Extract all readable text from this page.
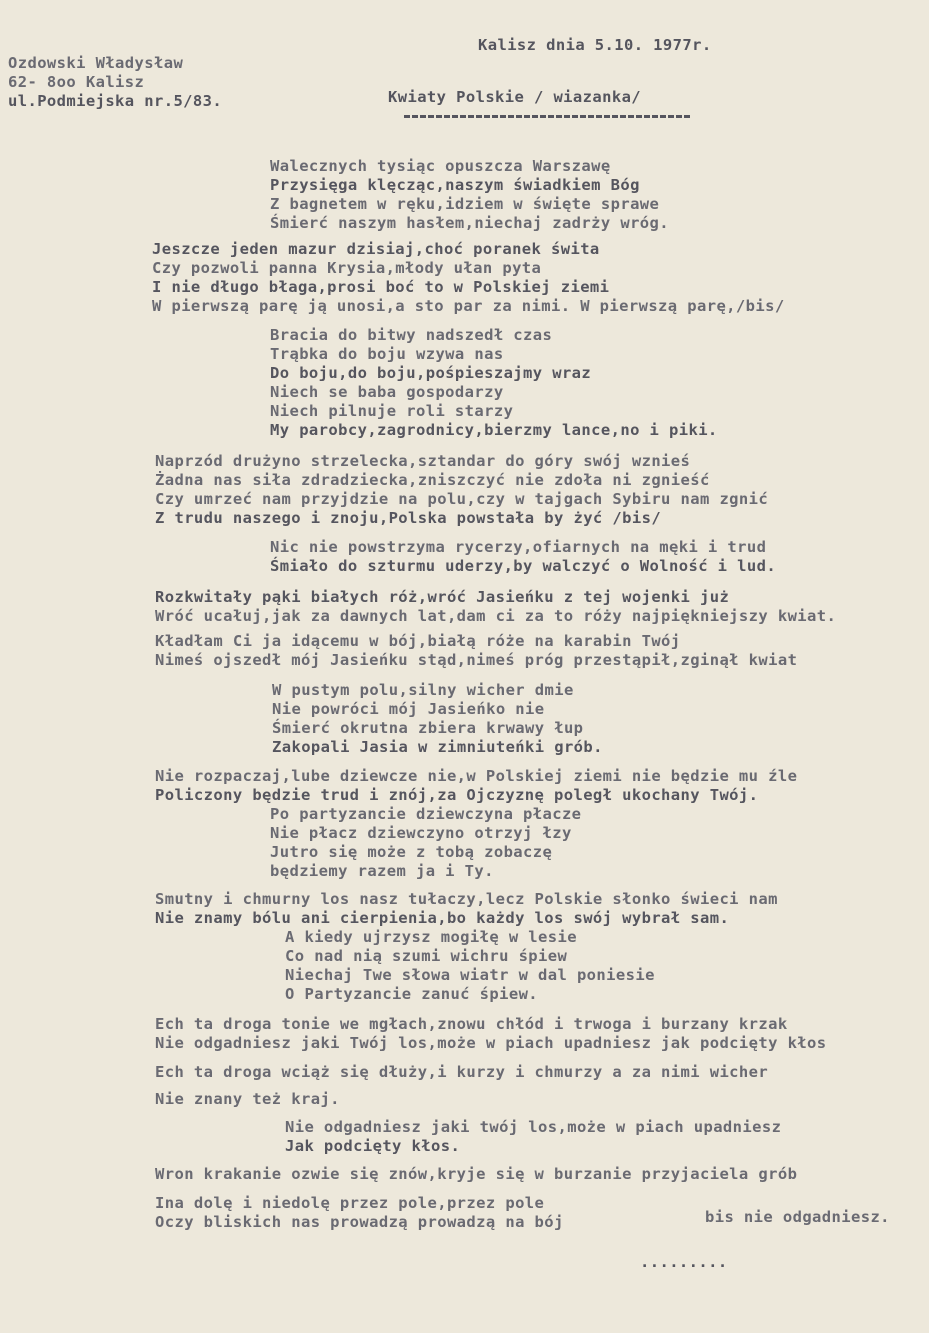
Kalisz dnia 5.10. 1977r.
Ozdowski Władysław
62- 8oo Kalisz
ul.Podmiejska nr.5/83.	Kwiaty Polskie / wiazanka/
Walecznych tysiąc opuszcza Warszawę
Przysięga klęcząc,naszym świadkiem Bóg
Z bagnetem w ręku,idziem w święte sprawe
Śmierć naszym hasłem,niechaj zadrży wróg.
Jeszcze jeden mazur dzisiaj,choć poranek świta
Czy pozwoli panna Krysia,młody ułan pyta
I nie długo błaga,prosi boć to w Polskiej ziemi
W pierwszą parę ją unosi,a sto par za nimi. W pierwszą parę,/bis/
Bracia do bitwy nadszedł czas
Trąbka do boju wzywa nas
Do boju,do boju,pośpieszajmy wraz
Niech se baba gospodarzy
Niech pilnuje roli starzy
My parobcy,zagrodnicy,bierzmy lance,no i piki.
Naprzód drużyno strzelecka,sztandar do góry swój wznieś
Żadna nas siła zdradziecka,zniszczyć nie zdoła ni zgnieść
Czy umrzeć nam przyjdzie na polu,czy w tajgach Sybiru nam zgnić
Z trudu naszego i znoju,Polska powstała by żyć /bis/
Nic nie powstrzyma rycerzy,ofiarnych na męki i trud
Śmiało do szturmu uderzy,by walczyć o Wolność i lud.
Rozkwitały pąki białych róż,wróć Jasieńku z tej wojenki już
Wróć ucałuj,jak za dawnych lat,dam ci za to róży najpiękniejszy kwiat.
Kładłam Ci ja idącemu w bój,białą róże na karabin Twój
Nimeś ojszedł mój Jasieńku stąd,nimeś próg przestąpił,zginął kwiat
W pustym polu,silny wicher dmie
Nie powróci mój Jasieńko nie
Śmierć okrutna zbiera krwawy łup
Zakopali Jasia w zimniuteńki grób.
Nie rozpaczaj,lube dziewcze nie,w Polskiej ziemi nie będzie mu źle
Policzony będzie trud i znój,za Ojczyznę poległ ukochany Twój.
Po partyzancie dziewczyna płacze
Nie płacz dziewczyno otrzyj łzy
Jutro się może z tobą zobaczę
będziemy razem ja i Ty.
Smutny i chmurny los nasz tułaczy,lecz Polskie słonko świeci nam
Nie znamy bólu ani cierpienia,bo każdy los swój wybrał sam.
A kiedy ujrzysz mogiłę w lesie
Co nad nią szumi wichru śpiew
Niechaj Twe słowa wiatr w dal poniesie
O Partyzancie zanuć śpiew.
Ech ta droga tonie we mgłach,znowu chłód i trwoga i burzany krzak
Nie odgadniesz jaki Twój los,może w piach upadniesz jak podcięty kłos
Ech ta droga wciąż się dłuży,i kurzy i chmurzy a za nimi wicher
Nie znany też kraj.
Nie odgadniesz jaki twój los,może w piach upadniesz
Jak podcięty kłos.
Wron krakanie ozwie się znów,kryje się w burzanie przyjaciela grób
Ina dolę i niedolę przez pole,przez pole
Oczy bliskich nas prowadzą prowadzą na bój	bis nie odgadniesz.
.........
